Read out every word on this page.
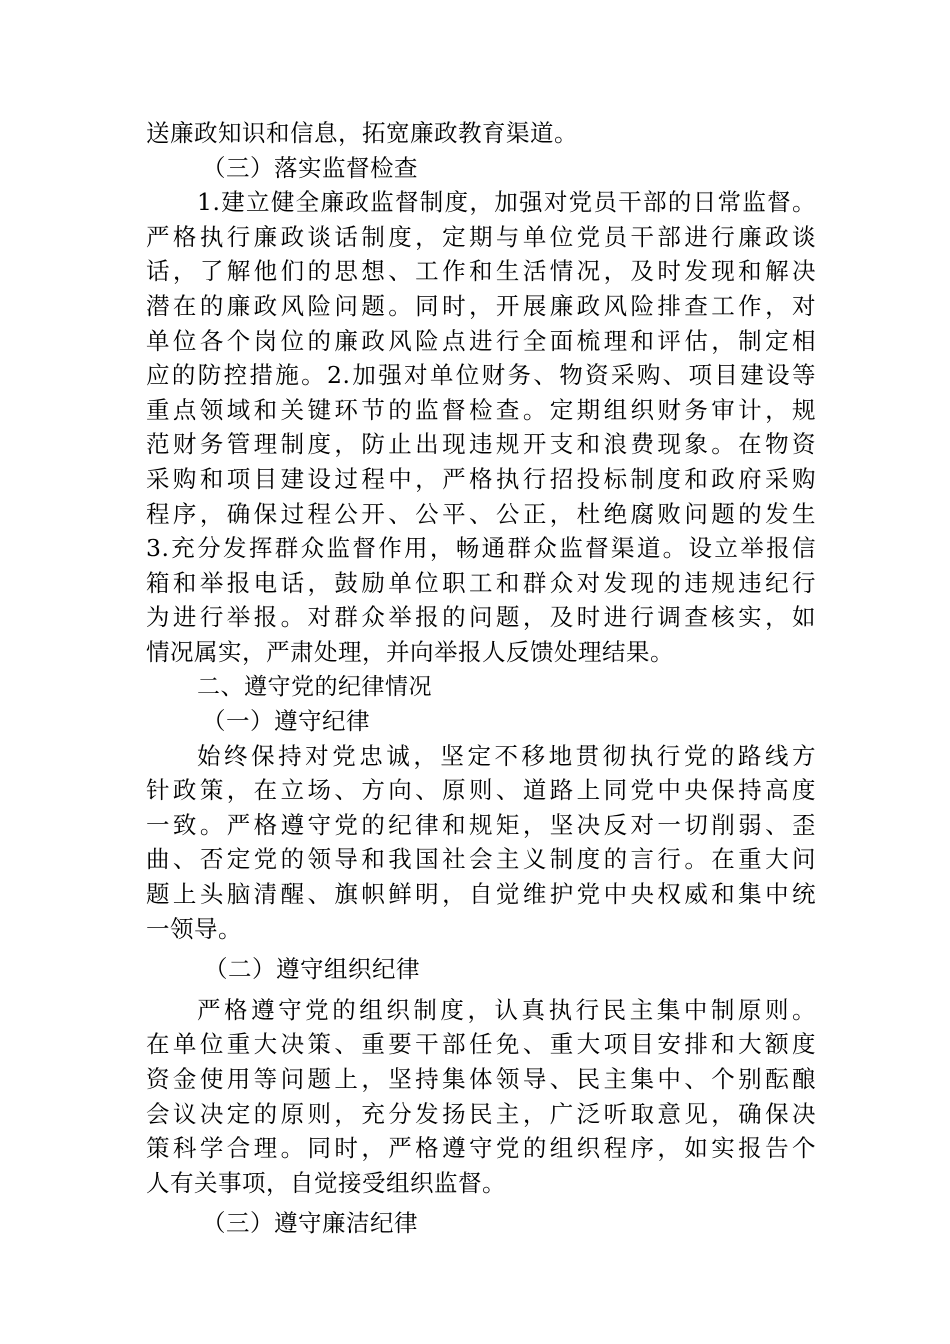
送廉政知识和信息，拓宽廉政教育渠道。
（三）落实监督检查
1.建立健全廉政监督制度，加强对党员干部的日常监督。
严格执行廉政谈话制度，定期与单位党员干部进行廉政谈
话，了解他们的思想、工作和生活情况，及时发现和解决
潜在的廉政风险问题。同时，开展廉政风险排查工作，对
单位各个岗位的廉政风险点进行全面梳理和评估，制定相
应的防控措施。2.加强对单位财务、物资采购、项目建设等
重点领域和关键环节的监督检查。定期组织财务审计，规
范财务管理制度，防止出现违规开支和浪费现象。在物资
采购和项目建设过程中，严格执行招投标制度和政府采购
程序，确保过程公开、公平、公正，杜绝腐败问题的发生
3.充分发挥群众监督作用，畅通群众监督渠道。设立举报信
箱和举报电话，鼓励单位职工和群众对发现的违规违纪行
为进行举报。对群众举报的问题，及时进行调查核实，如
情况属实，严肃处理，并向举报人反馈处理结果。
二、遵守党的纪律情况
（一）遵守纪律
始终保持对党忠诚，坚定不移地贯彻执行党的路线方
针政策，在立场、方向、原则、道路上同党中央保持高度
一致。严格遵守党的纪律和规矩，坚决反对一切削弱、歪
曲、否定党的领导和我国社会主义制度的言行。在重大问
题上头脑清醒、旗帜鲜明，自觉维护党中央权威和集中统
一领导。
（二）遵守组织纪律
严格遵守党的组织制度，认真执行民主集中制原则。
在单位重大决策、重要干部任免、重大项目安排和大额度
资金使用等问题上，坚持集体领导、民主集中、个别酝酿
会议决定的原则，充分发扬民主，广泛听取意见，确保决
策科学合理。同时，严格遵守党的组织程序，如实报告个
人有关事项，自觉接受组织监督。
（三）遵守廉洁纪律
